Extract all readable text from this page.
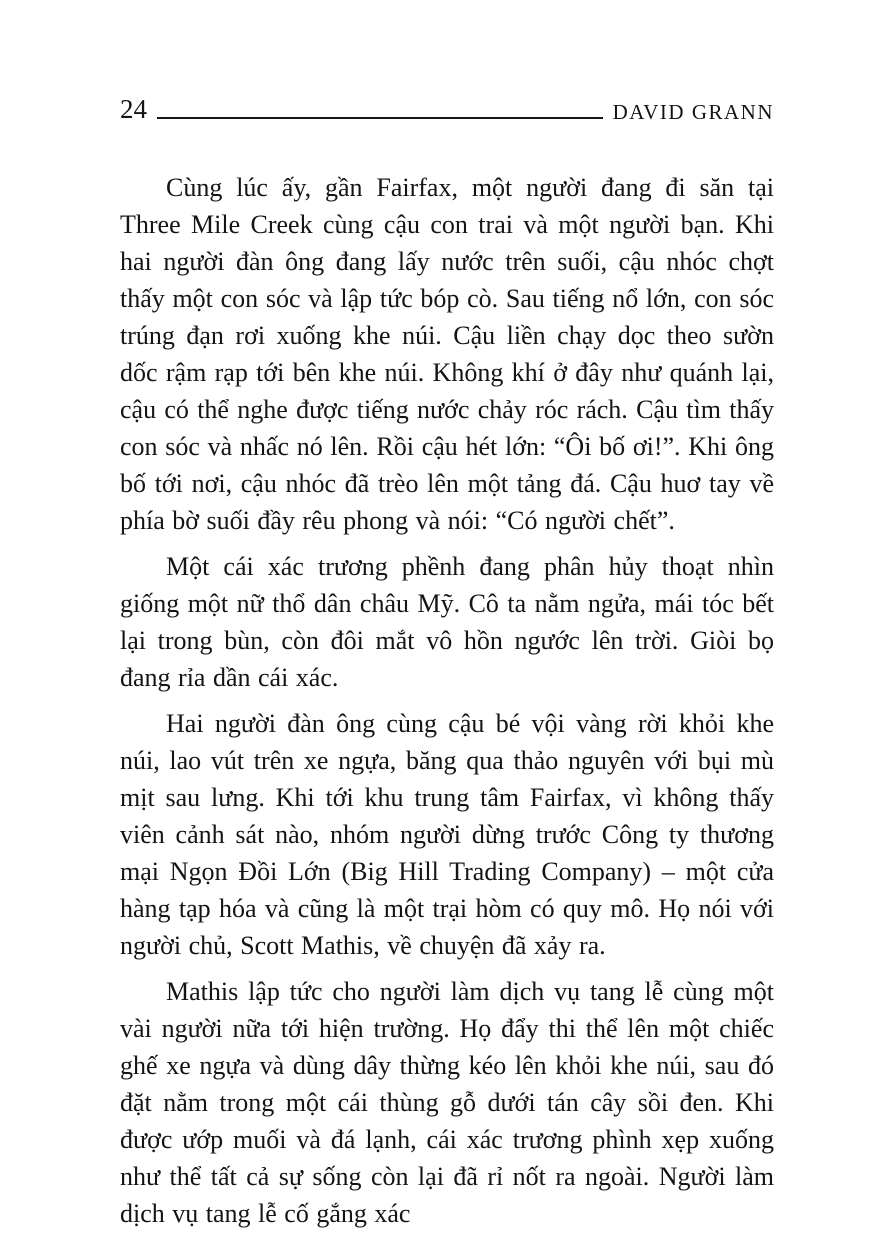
24	DAVID GRANN

Cùng lúc ấy, gần Fairfax, một người đang đi săn tại Three Mile Creek cùng cậu con trai và một người bạn. Khi hai người đàn ông đang lấy nước trên suối, cậu nhóc chợt thấy một con sóc và lập tức bóp cò. Sau tiếng nổ lớn, con sóc trúng đạn rơi xuống khe núi. Cậu liền chạy dọc theo sườn dốc rậm rạp tới bên khe núi. Không khí ở đây như quánh lại, cậu có thể nghe được tiếng nước chảy róc rách. Cậu tìm thấy con sóc và nhấc nó lên. Rồi cậu hét lớn: “Ôi bố ơi!”. Khi ông bố tới nơi, cậu nhóc đã trèo lên một tảng đá. Cậu huơ tay về phía bờ suối đầy rêu phong và nói: “Có người chết”.

Một cái xác trương phềnh đang phân hủy thoạt nhìn giống một nữ thổ dân châu Mỹ. Cô ta nằm ngửa, mái tóc bết lại trong bùn, còn đôi mắt vô hồn ngước lên trời. Giòi bọ đang rỉa dần cái xác.

Hai người đàn ông cùng cậu bé vội vàng rời khỏi khe núi, lao vút trên xe ngựa, băng qua thảo nguyên với bụi mù mịt sau lưng. Khi tới khu trung tâm Fairfax, vì không thấy viên cảnh sát nào, nhóm người dừng trước Công ty thương mại Ngọn Đồi Lớn (Big Hill Trading Company) – một cửa hàng tạp hóa và cũng là một trại hòm có quy mô. Họ nói với người chủ, Scott Mathis, về chuyện đã xảy ra.

Mathis lập tức cho người làm dịch vụ tang lễ cùng một vài người nữa tới hiện trường. Họ đẩy thi thể lên một chiếc ghế xe ngựa và dùng dây thừng kéo lên khỏi khe núi, sau đó đặt nằm trong một cái thùng gỗ dưới tán cây sồi đen. Khi được ướp muối và đá lạnh, cái xác trương phình xẹp xuống như thể tất cả sự sống còn lại đã rỉ nốt ra ngoài. Người làm dịch vụ tang lễ cố gắng xác
